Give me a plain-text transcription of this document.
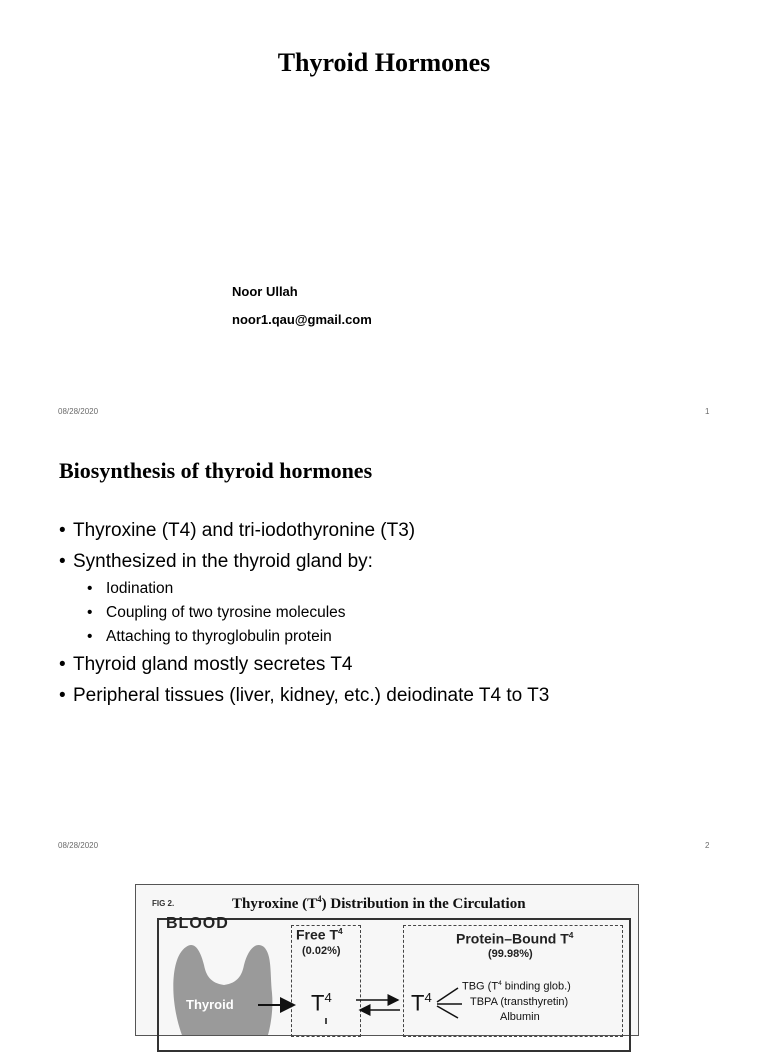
Thyroid Hormones
Noor Ullah
noor1.qau@gmail.com
08/28/2020	1
Biosynthesis of thyroid hormones
• Thyroxine (T4) and tri-iodothyronine (T3)
• Synthesized in the thyroid gland by:
• Iodination
• Coupling of two tyrosine molecules
• Attaching to thyroglobulin protein
• Thyroid gland mostly secretes T4
• Peripheral tissues (liver, kidney, etc.) deiodinate T4 to T3
08/28/2020	2
FIG 2.	Thyroxine $(T^4)$ Distribution in the Circulation
BLOOD
Thyroid
Free $T^4$
(0.02%)
Protein–Bound $T^4$
(99.98%)
$T^4$	$T^4$
TBG ($T^4$ binding glob.)
TBPA (transthyretin)
Albumin
